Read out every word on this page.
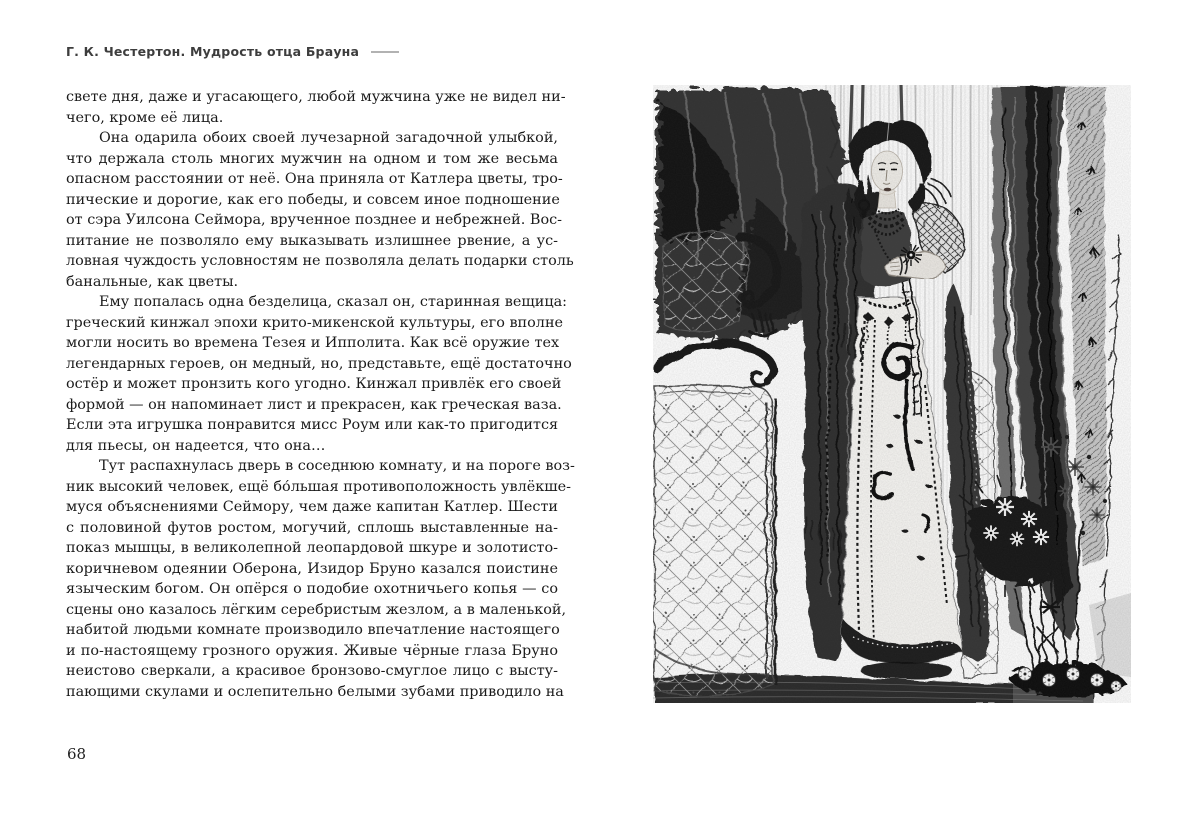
Г. К. Честертон. Мудрость отца Брауна
свете дня, даже и угасающего, любой мужчина уже не видел ни-
чего, кроме её лица.
Она одарила обоих своей лучезарной загадочной улыбкой,
что держала столь многих мужчин на одном и том же весьма
опасном расстоянии от неё. Она приняла от Катлера цветы, тро-
пические и дорогие, как его победы, и совсем иное подношение
от сэра Уилсона Сеймора, врученное позднее и небрежней. Вос-
питание не позволяло ему выказывать излишнее рвение, а ус-
ловная чуждость условностям не позволяла делать подарки столь
банальные, как цветы.
Ему попалась одна безделица, сказал он, старинная вещица:
греческий кинжал эпохи крито-микенской культуры, его вполне
могли носить во времена Тезея и Ипполита. Как всё оружие тех
легендарных героев, он медный, но, представьте, ещё достаточно
остёр и может пронзить кого угодно. Кинжал привлёк его своей
формой — он напоминает лист и прекрасен, как греческая ваза.
Если эта игрушка понравится мисс Роум или как-то пригодится
для пьесы, он надеется, что она…
Тут распахнулась дверь в соседнюю комнату, и на пороге воз-
ник высокий человек, ещё бо́льшая противоположность увлёкше-
муся объяснениями Сеймору, чем даже капитан Катлер. Шести
с половиной футов ростом, могучий, сплошь выставленные на-
показ мышцы, в великолепной леопардовой шкуре и золотисто-
коричневом одеянии Оберона, Изидор Бруно казался поистине
языческим богом. Он опёрся о подобие охотничьего копья — со
сцены оно казалось лёгким серебристым жезлом, а в маленькой,
набитой людьми комнате производило впечатление настоящего
и по-настоящему грозного оружия. Живые чёрные глаза Бруно
неистово сверкали, а красивое бронзово-смуглое лицо с высту-
пающими скулами и ослепительно белыми зубами приводило на
68
